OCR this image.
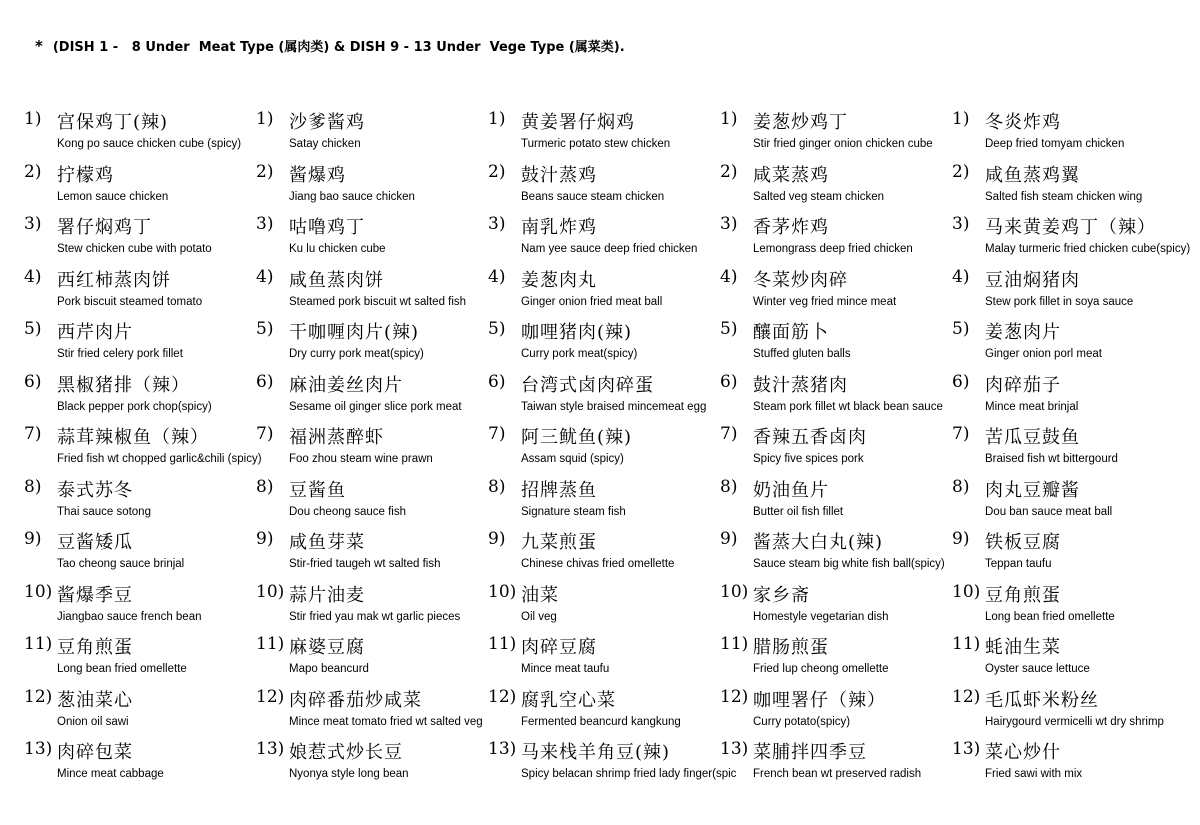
* (DISH 1 -   8 Under  Meat Type (属肉类) & DISH 9 - 13 Under  Vege Type (属菜类).
1) 宫保鸡丁(辣)
Kong po sauce chicken cube (spicy)
2) 拧檬鸡
Lemon sauce chicken
3) 署仔焖鸡丁
Stew chicken cube with potato
4) 西红柿蒸肉饼
Pork biscuit steamed tomato
5) 西芹肉片
Stir fried celery pork fillet
6) 黑椒猪排（辣）
Black pepper pork chop(spicy)
7) 蒜茸辣椒鱼（辣）
Fried fish wt chopped garlic&chili (spicy)
8) 泰式苏冬
Thai sauce sotong
9) 豆酱矮瓜
Tao cheong sauce brinjal
10) 酱爆季豆
Jiangbao sauce french bean
11) 豆角煎蛋
Long bean fried omellette
12) 葱油菜心
Onion oil sawi
13) 肉碎包菜
Mince meat cabbage
1) 沙爹酱鸡
Satay chicken
2) 酱爆鸡
Jiang bao sauce chicken
3) 咕噜鸡丁
Ku lu chicken cube
4) 咸鱼蒸肉饼
Steamed pork biscuit wt salted fish
5) 干咖喱肉片(辣)
Dry curry pork meat(spicy)
6) 麻油姜丝肉片
Sesame oil ginger slice pork meat
7) 福洲蒸醉虾
Foo zhou steam wine prawn
8) 豆酱鱼
Dou cheong sauce fish
9) 咸鱼芽菜
Stir-fried taugeh wt salted fish
10) 蒜片油麦
Stir fried yau mak wt garlic pieces
11) 麻婆豆腐
Mapo beancurd
12) 肉碎番茄炒咸菜
Mince meat tomato fried wt salted veg
13) 娘惹式炒长豆
Nyonya style long bean
1) 黄姜署仔焖鸡
Turmeric potato stew chicken
2) 鼓汁蒸鸡
Beans sauce steam chicken
3) 南乳炸鸡
Nam yee sauce deep fried chicken
4) 姜葱肉丸
Ginger onion fried meat ball
5) 咖哩猪肉(辣)
Curry pork meat(spicy)
6) 台湾式卤肉碎蛋
Taiwan style braised mincemeat egg
7) 阿三鱿鱼(辣)
Assam squid (spicy)
8) 招牌蒸鱼
Signature steam fish
9) 九菜煎蛋
Chinese chivas fried omellette
10) 油菜
Oil veg
11) 肉碎豆腐
Mince meat taufu
12) 腐乳空心菜
Fermented beancurd kangkung
13) 马来栈羊角豆(辣)
Spicy belacan shrimp fried lady finger(spic
1) 姜葱炒鸡丁
Stir fried ginger onion chicken cube
2) 咸菜蒸鸡
Salted veg steam chicken
3) 香茅炸鸡
Lemongrass deep fried chicken
4) 冬菜炒肉碎
Winter veg fried mince meat
5) 釀面筋卜
Stuffed gluten balls
6) 鼓汁蒸猪肉
Steam pork fillet wt black bean sauce
7) 香辣五香卤肉
Spicy five spices pork
8) 奶油鱼片
Butter oil fish fillet
9) 酱蒸大白丸(辣)
Sauce steam big white fish ball(spicy)
10) 家乡斋
Homestyle vegetarian dish
11) 腊肠煎蛋
Fried lup cheong omellette
12) 咖哩署仔（辣）
Curry potato(spicy)
13) 菜脯拌四季豆
French bean wt preserved radish
1) 冬炎炸鸡
Deep fried tomyam chicken
2) 咸鱼蒸鸡翼
Salted fish steam chicken wing
3) 马来黄姜鸡丁（辣）
Malay turmeric fried chicken cube(spicy)
4) 豆油焖猪肉
Stew pork fillet in soya sauce
5) 姜葱肉片
Ginger onion porl meat
6) 肉碎茄子
Mince meat brinjal
7) 苦瓜豆鼓鱼
Braised fish wt bittergourd
8) 肉丸豆瓣酱
Dou ban sauce meat ball
9) 铁板豆腐
Teppan taufu
10) 豆角煎蛋
Long bean fried omellette
11) 蚝油生菜
Oyster sauce lettuce
12) 毛瓜虾米粉丝
Hairygourd vermicelli wt dry shrimp
13) 菜心炒什
Fried sawi with mix
